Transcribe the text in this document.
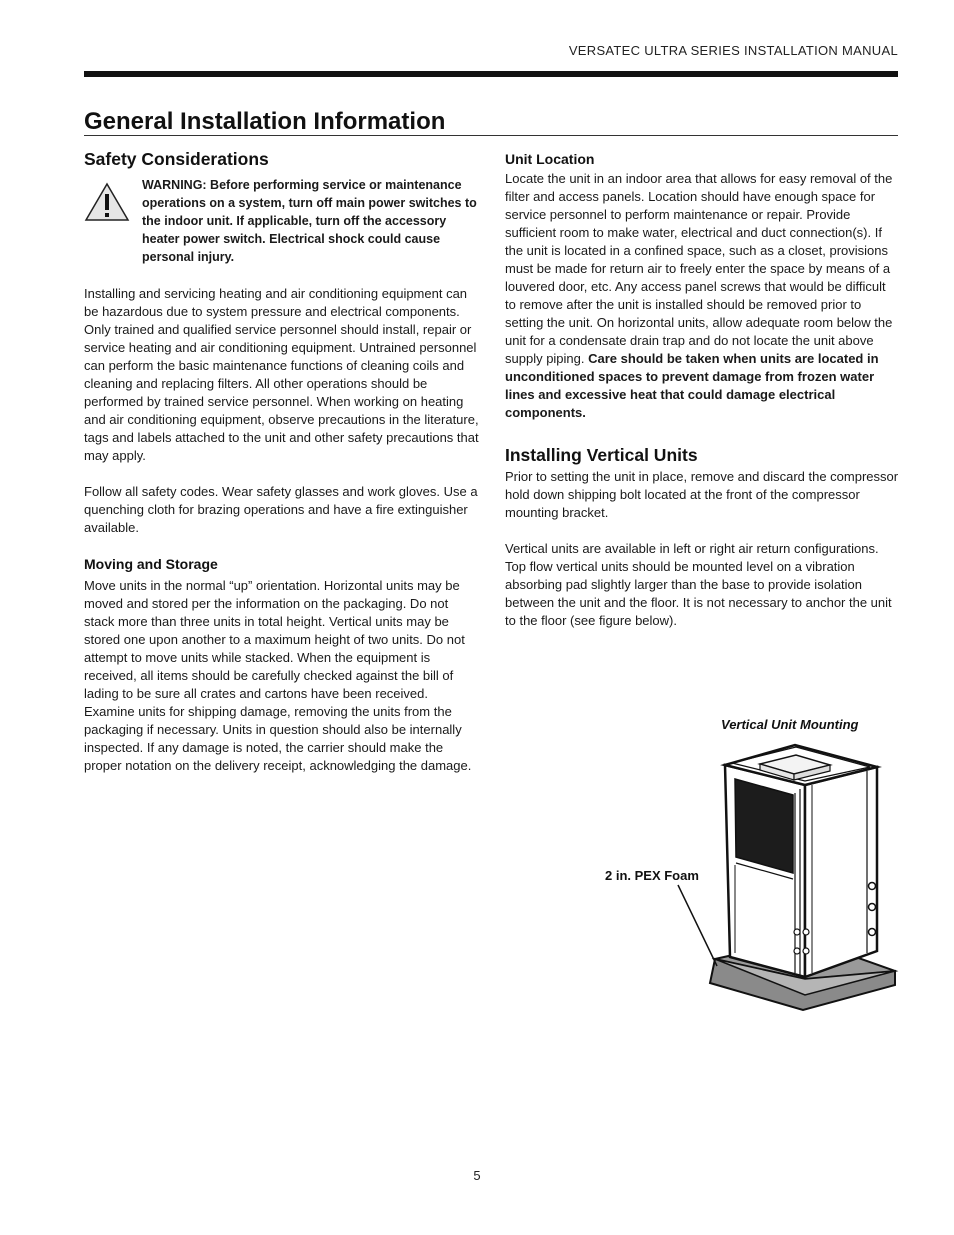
VERSATEC ULTRA SERIES INSTALLATION MANUAL
General Installation Information
Safety Considerations
WARNING: Before performing service or maintenance operations on a system, turn off main power switches to the indoor unit. If applicable, turn off the accessory heater power switch. Electrical shock could cause personal injury.

Installing and servicing heating and air conditioning equipment can be hazardous due to system pressure and electrical components. Only trained and qualified service personnel should install, repair or service heating and air conditioning equipment. Untrained personnel can perform the basic maintenance functions of cleaning coils and cleaning and replacing filters. All other operations should be performed by trained service personnel. When working on heating and air conditioning equipment, observe precautions in the literature, tags and labels attached to the unit and other safety precautions that may apply.

Follow all safety codes. Wear safety glasses and work gloves. Use a quenching cloth for brazing operations and have a fire extinguisher available.

Moving and Storage

Move units in the normal “up” orientation. Horizontal units may be moved and stored per the information on the packaging. Do not stack more than three units in total height. Vertical units may be stored one upon another to a maximum height of two units. Do not attempt to move units while stacked. When the equipment is received, all items should be carefully checked against the bill of lading to be sure all crates and cartons have been received. Examine units for shipping damage, removing the units from the packaging if necessary. Units in question should also be internally inspected. If any damage is noted, the carrier should make the proper notation on the delivery receipt, acknowledging the damage.

Unit Location

Locate the unit in an indoor area that allows for easy removal of the filter and access panels. Location should have enough space for service personnel to perform maintenance or repair. Provide sufficient room to make water, electrical and duct connection(s). If the unit is located in a confined space, such as a closet, provisions must be made for return air to freely enter the space by means of a louvered door, etc. Any access panel screws that would be difficult to remove after the unit is installed should be removed prior to setting the unit. On horizontal units, allow adequate room below the unit for a condensate drain trap and do not locate the unit above supply piping. Care should be taken when units are located in unconditioned spaces to prevent damage from frozen water lines and excessive heat that could damage electrical components.

Installing Vertical Units

Prior to setting the unit in place, remove and discard the compressor hold down shipping bolt located at the front of the compressor mounting bracket.

Vertical units are available in left or right air return configurations. Top flow vertical units should be mounted level on a vibration absorbing pad slightly larger than the base to provide isolation between the unit and the floor. It is not necessary to anchor the unit to the floor (see figure below).

Vertical Unit Mounting
2 in. PEX Foam
5
